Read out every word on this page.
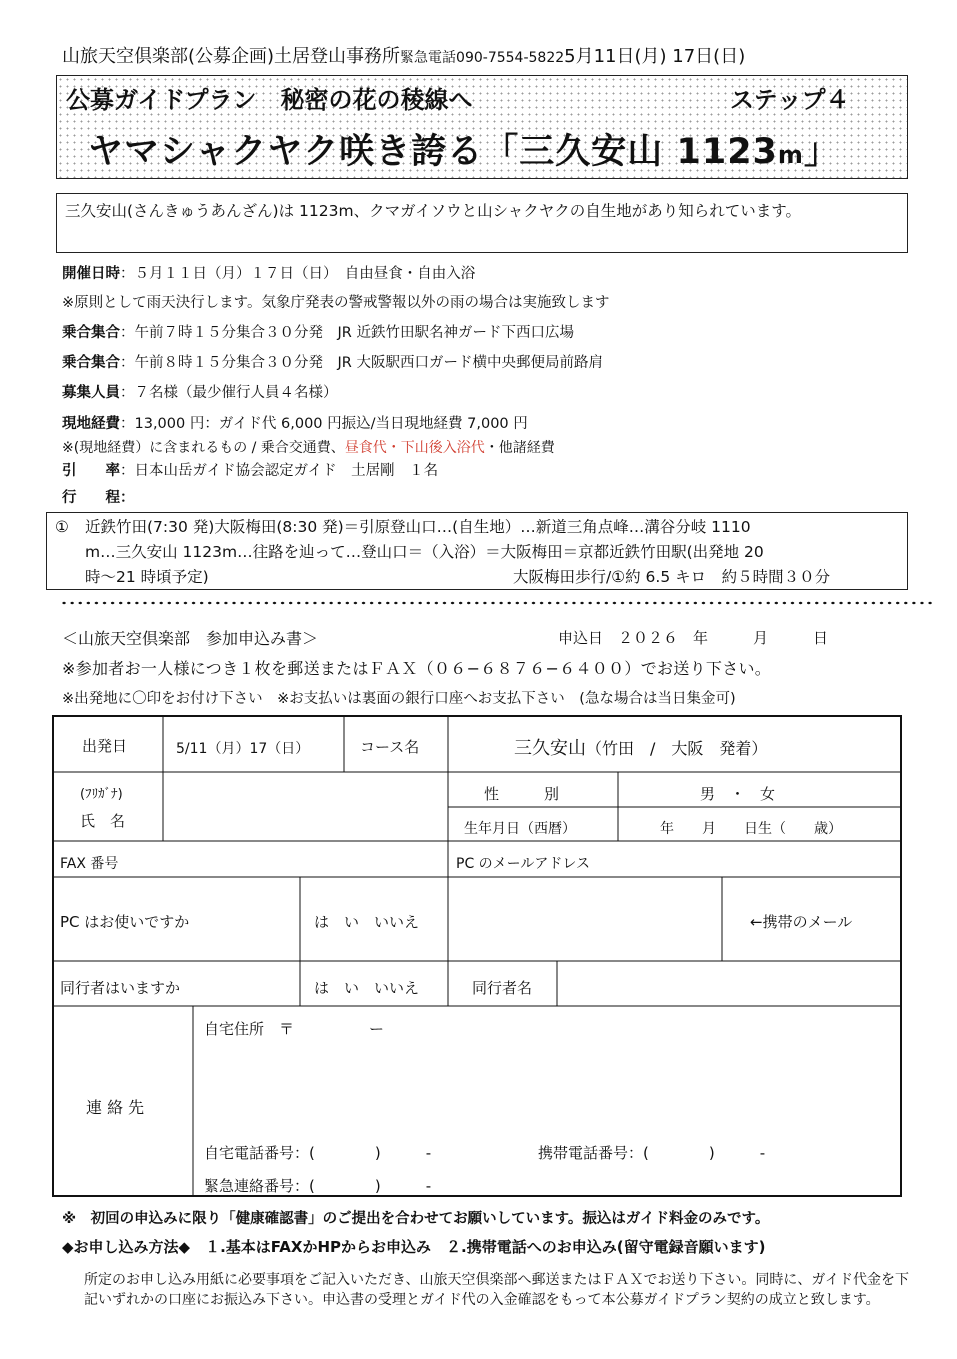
山旅天空倶楽部(公募企画)土居登山事務所緊急電話090-7554-58225月11日(月) 17日(日)
公募ガイドプラン　秘密の花の稜線へ	ステップ４
ヤマシャクヤク咲き誇る「三久安山 1123m」
三久安山(さんきゅうあんざん)は 1123m、クマガイソウと山シャクヤクの自生地があり知られています。
開催日時：５月１１日（月）１７日（日）　自由昼食・自由入浴
※原則として雨天決行します。気象庁発表の警戒警報以外の雨の場合は実施致します
乗合集合：午前７時１５分集合３０分発　JR 近鉄竹田駅名神ガード下西口広場
乗合集合：午前８時１５分集合３０分発　JR 大阪駅西口ガード横中央郵便局前路肩
募集人員：７名様（最少催行人員４名様）
現地経費：13,000 円：ガイド代 6,000 円振込/当日現地経費 7,000 円
※(現地経費）に含まれるもの / 乗合交通費、昼食代・下山後入浴代・他諸経費
引　　率：日本山岳ガイド協会認定ガイド　土居剛　１名
行　　程：
① 近鉄竹田(7:30 発)大阪梅田(8:30 発)＝引原登山口…(自生地）…新道三角点峰…溝谷分岐 1110
m…三久安山 1123m…往路を辿って…登山口＝（入浴）＝大阪梅田＝京都近鉄竹田駅(出発地 20
時〜21 時頃予定)	大阪梅田歩行/①約 6.5 キロ　約５時間３０分
＜山旅天空倶楽部　参加申込み書＞	申込日　２０２６　年　　　月　　　日
※参加者お一人様につき１枚を郵送またはＦＡＸ（０６−６８７６−６４００）でお送り下さい。
※出発地に〇印をお付け下さい　※お支払いは裏面の銀行口座へお支払下さい　(急な場合は当日集金可)
出発日	5/11（月）17（日）	コース名	三久安山（竹田　/　大阪　発着）
(ﾌﾘｶﾞﾅ)
氏　名
性　　　別	男　・　女
生年月日（西暦）	年　　月　　日生（　　歳）
FAX 番号	PC のメールアドレス
PC はお使いですか	は　い　いいえ	←携帯のメール
同行者はいますか	は　い　いいえ	同行者名
連 絡 先
自宅住所　〒　　　　　ー
自宅電話番号：(　　　　)　　　-	携帯電話番号：(　　　　)　　　-
緊急連絡番号：(　　　　)　　　-
※　初回の申込みに限り「健康確認書」のご提出を合わせてお願いしています。振込はガイド料金のみです。
◆お申し込み方法◆　１.基本はFAXかHPからお申込み　２.携帯電話へのお申込み(留守電録音願います)
所定のお申し込み用紙に必要事項をご記入いただき、山旅天空倶楽部へ郵送またはＦＡＸでお送り下さい。同時に、ガイド代金を下記いずれかの口座にお振込み下さい。申込書の受理とガイド代の入金確認をもって本公募ガイドプラン契約の成立と致します。
